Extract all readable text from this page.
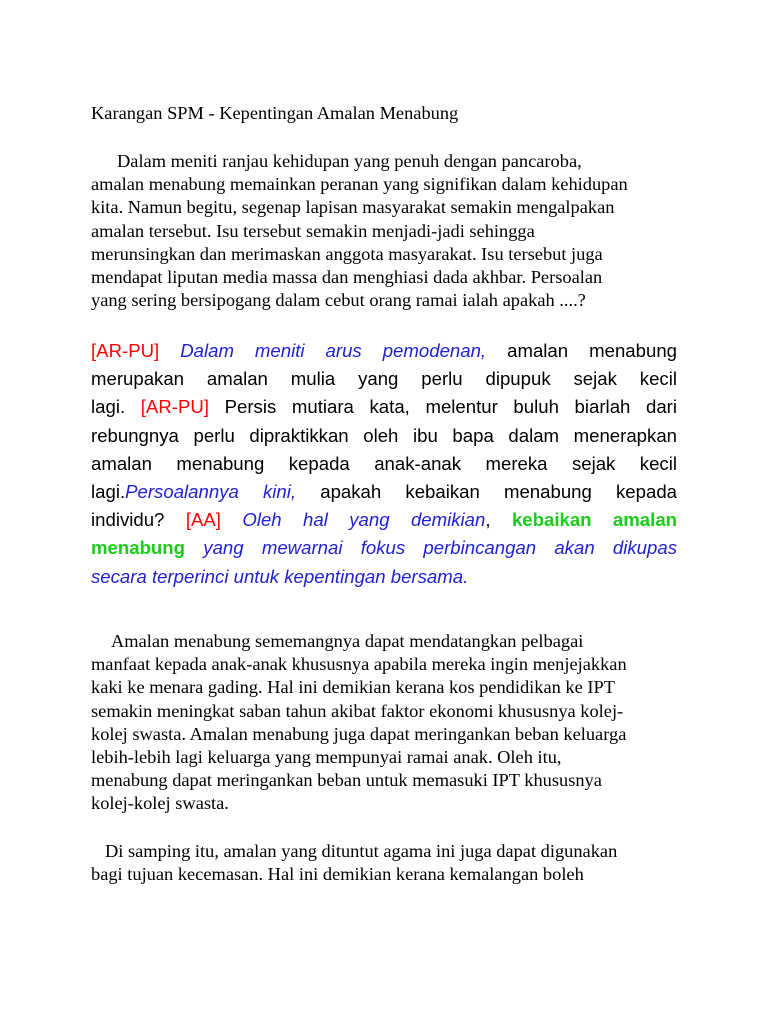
Karangan SPM - Kepentingan Amalan Menabung
Dalam meniti ranjau kehidupan yang penuh dengan pancaroba,
amalan menabung memainkan peranan yang signifikan dalam kehidupan
kita. Namun begitu, segenap lapisan masyarakat semakin mengalpakan
amalan tersebut. Isu tersebut semakin menjadi-jadi sehingga
merunsingkan dan merimaskan anggota masyarakat. Isu tersebut juga
mendapat liputan media massa dan menghiasi dada akhbar. Persoalan
yang sering bersipogang dalam cebut orang ramai ialah apakah ....?
[AR-PU] Dalam meniti arus pemodenan, amalan menabung
merupakan amalan mulia yang perlu dipupuk sejak kecil
lagi. [AR-PU] Persis mutiara kata, melentur buluh biarlah dari
rebungnya perlu dipraktikkan oleh ibu bapa dalam menerapkan
amalan menabung kepada anak-anak mereka sejak kecil
lagi.Persoalannya kini, apakah kebaikan menabung kepada
individu? [AA] Oleh hal yang demikian, kebaikan amalan
menabung yang mewarnai fokus perbincangan akan dikupas
secara terperinci untuk kepentingan bersama.
Amalan menabung sememangnya dapat mendatangkan pelbagai
manfaat kepada anak-anak khususnya apabila mereka ingin menjejakkan
kaki ke menara gading. Hal ini demikian kerana kos pendidikan ke IPT
semakin meningkat saban tahun akibat faktor ekonomi khususnya kolej-
kolej swasta. Amalan menabung juga dapat meringankan beban keluarga
lebih-lebih lagi keluarga yang mempunyai ramai anak. Oleh itu,
menabung dapat meringankan beban untuk memasuki IPT khususnya
kolej-kolej swasta.
Di samping itu, amalan yang dituntut agama ini juga dapat digunakan
bagi tujuan kecemasan. Hal ini demikian kerana kemalangan boleh
